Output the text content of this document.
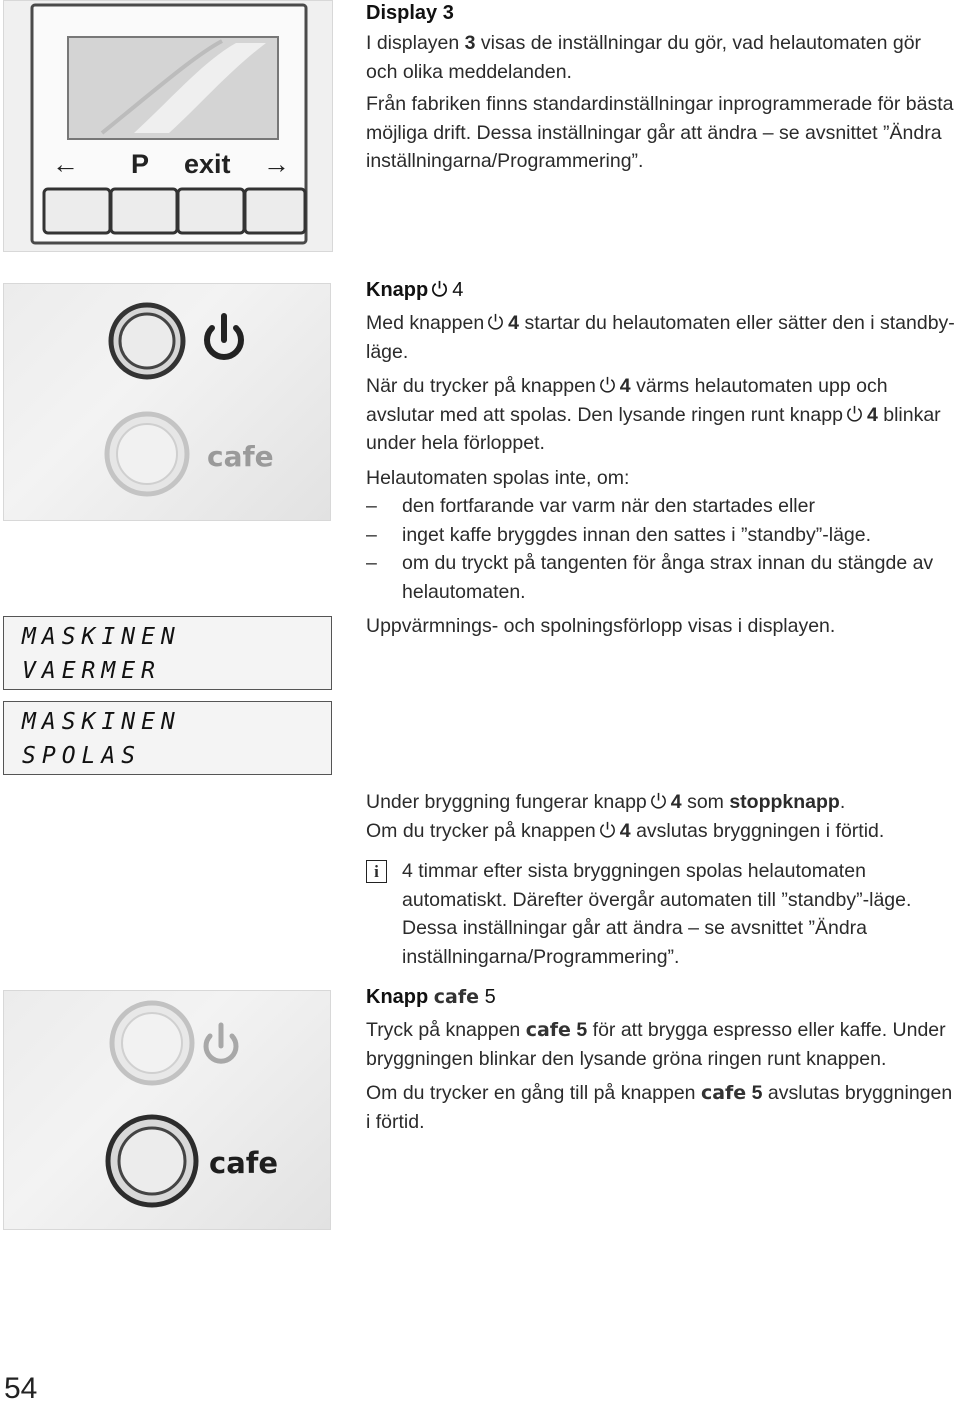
← P exit →

Display 3

I displayen 3 visas de inställningar du gör, vad helautomaten gör och olika meddelanden.

Från fabriken finns standardinställningar inprogrammerade för bästa möjliga drift. Dessa inställningar går att ändra – se avsnittet ”Ändra inställningarna/Programmering”.

cafe

Knapp 4

Med knappen 4 startar du helautomaten eller sätter den i standby-läge.

När du trycker på knappen 4 värms helautomaten upp och avslutar med att spolas. Den lysande ringen runt knapp 4 blinkar under hela förloppet.

Helautomaten spolas inte, om:

–	den fortfarande var varm när den startades eller
–	inget kaffe bryggdes innan den sattes i ”standby”-läge.
–	om du tryckt på tangenten för ånga strax innan du stängde av helautomaten.

Uppvärmnings- och spolningsförlopp visas i displayen.

MASKINEN
VAERMER
MASKINEN
SPOLAS

Under bryggning fungerar knapp 4 som stoppknapp.

Om du trycker på knappen 4 avslutas bryggningen i förtid.

i	4 timmar efter sista bryggningen spolas helautomaten automatiskt. Därefter övergår automaten till ”standby”-läge. Dessa inställningar går att ändra – se avsnittet ”Ändra inställningarna/Programmering”.
cafe

Knapp cafe 5

Tryck på knappen cafe 5 för att brygga espresso eller kaffe. Under bryggningen blinkar den lysande gröna ringen runt knappen.

Om du trycker en gång till på knappen cafe 5 avslutas bryggningen i förtid.

54
